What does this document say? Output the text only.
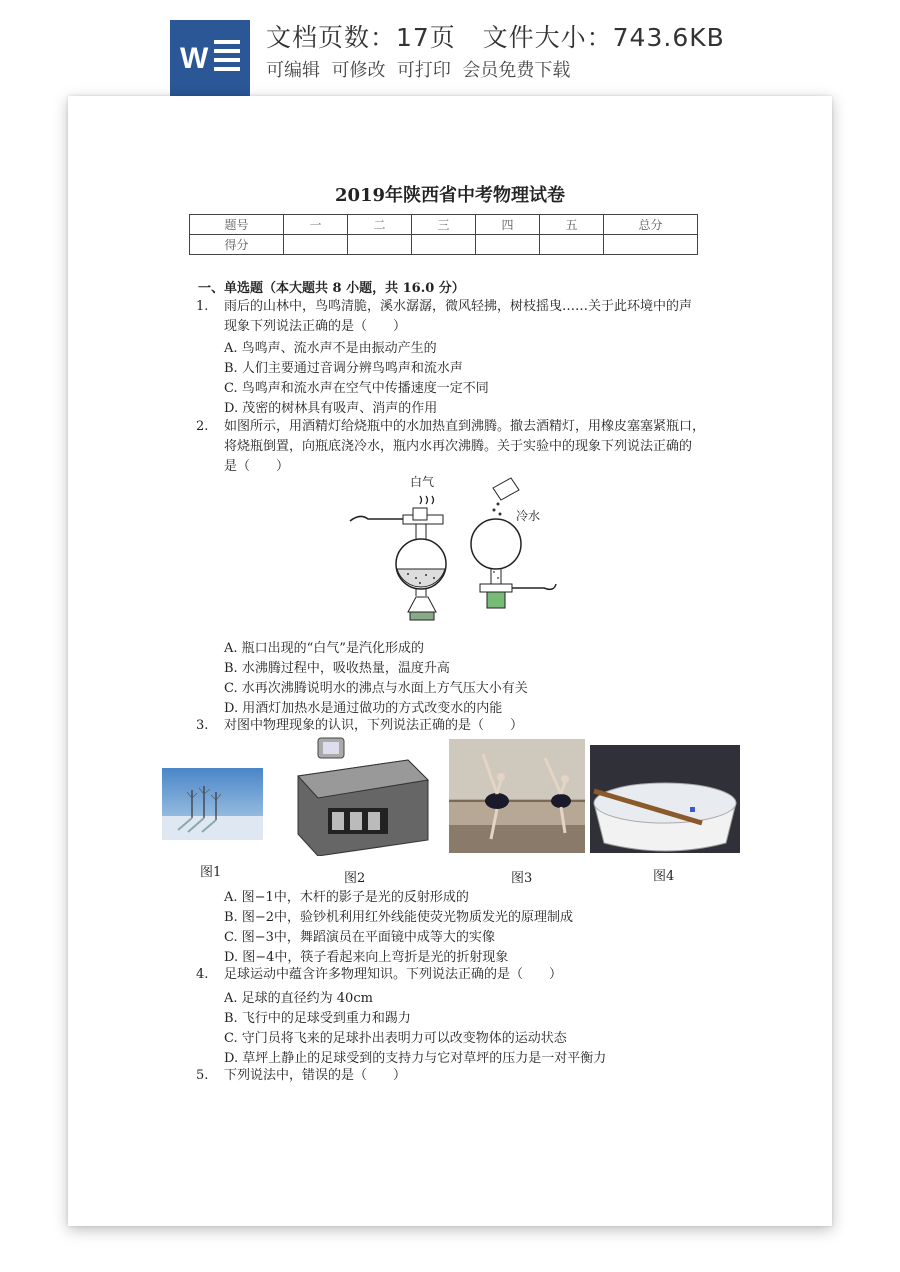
W
文档页数：17页   文件大小：743.6KB
可编辑  可修改  可打印  会员免费下载
2019年陕西省中考物理试卷
题号	一	二	三	四	五	总分
得分						
一、单选题（本大题共 8 小题，共 16.0 分）
1. 雨后的山林中，鸟鸣清脆，溪水潺潺，微风轻拂，树枝摇曳……关于此环境中的声
现象下列说法正确的是（　　）
A. 鸟鸣声、流水声不是由振动产生的
B. 人们主要通过音调分辨鸟鸣声和流水声
C. 鸟鸣声和流水声在空气中传播速度一定不同
D. 茂密的树林具有吸声、消声的作用
2. 如图所示，用酒精灯给烧瓶中的水加热直到沸腾。撤去酒精灯，用橡皮塞塞紧瓶口，
将烧瓶倒置，向瓶底浇冷水，瓶内水再次沸腾。关于实验中的现象下列说法正确的
是（　　）
白气
冷水
A. 瓶口出现的“白气”是汽化形成的
B. 水沸腾过程中，吸收热量，温度升高
C. 水再次沸腾说明水的沸点与水面上方气压大小有关
D. 用酒灯加热水是通过做功的方式改变水的内能
3. 对图中物理现象的认识，下列说法正确的是（　　）
图1	图2	图3	图4
A. 图−1中，木杆的影子是光的反射形成的
B. 图−2中，验钞机利用红外线能使荧光物质发光的原理制成
C. 图−3中，舞蹈演员在平面镜中成等大的实像
D. 图−4中，筷子看起来向上弯折是光的折射现象
4. 足球运动中蕴含许多物理知识。下列说法正确的是（　　）
A. 足球的直径约为 40cm
B. 飞行中的足球受到重力和踢力
C. 守门员将飞来的足球扑出表明力可以改变物体的运动状态
D. 草坪上静止的足球受到的支持力与它对草坪的压力是一对平衡力
5. 下列说法中，错误的是（　　）
